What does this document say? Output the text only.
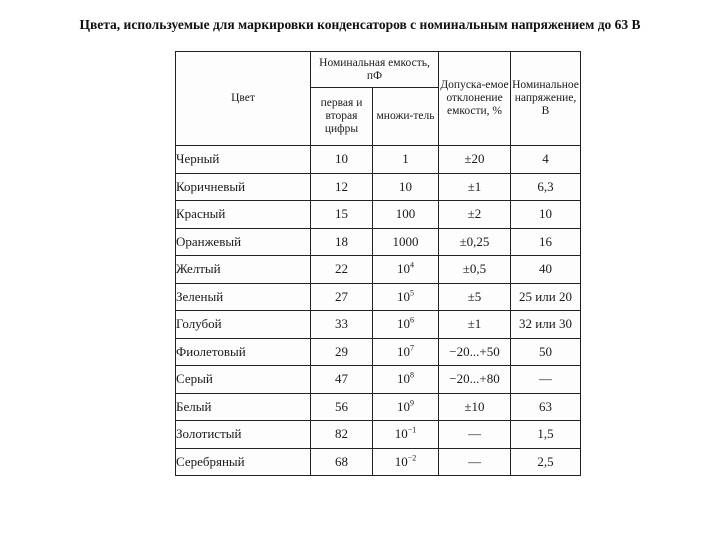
Цвета, используемые для маркировки конденсаторов с номинальным напряжением до 63 В
Цвет	Номинальная емкость, пФ		Допуска-емое отклонение емкости, %	Номинальное напряжение, В
	первая и вторая цифры	множи-тель		
Черный	10	1	±20	4
Коричневый	12	10	±1	6,3
Красный	15	100	±2	10
Оранжевый	18	1000	±0,25	16
Желтый	22	$10^4$	±0,5	40
Зеленый	27	$10^5$	±5	25 или 20
Голубой	33	$10^6$	±1	32 или 30
Фиолетовый	29	$10^7$	−20...+50	50
Серый	47	$10^8$	−20...+80	—
Белый	56	$10^9$	±10	63
Золотистый	82	$10^{-1}$	—	1,5
Серебряный	68	$10^{-2}$	—	2,5
